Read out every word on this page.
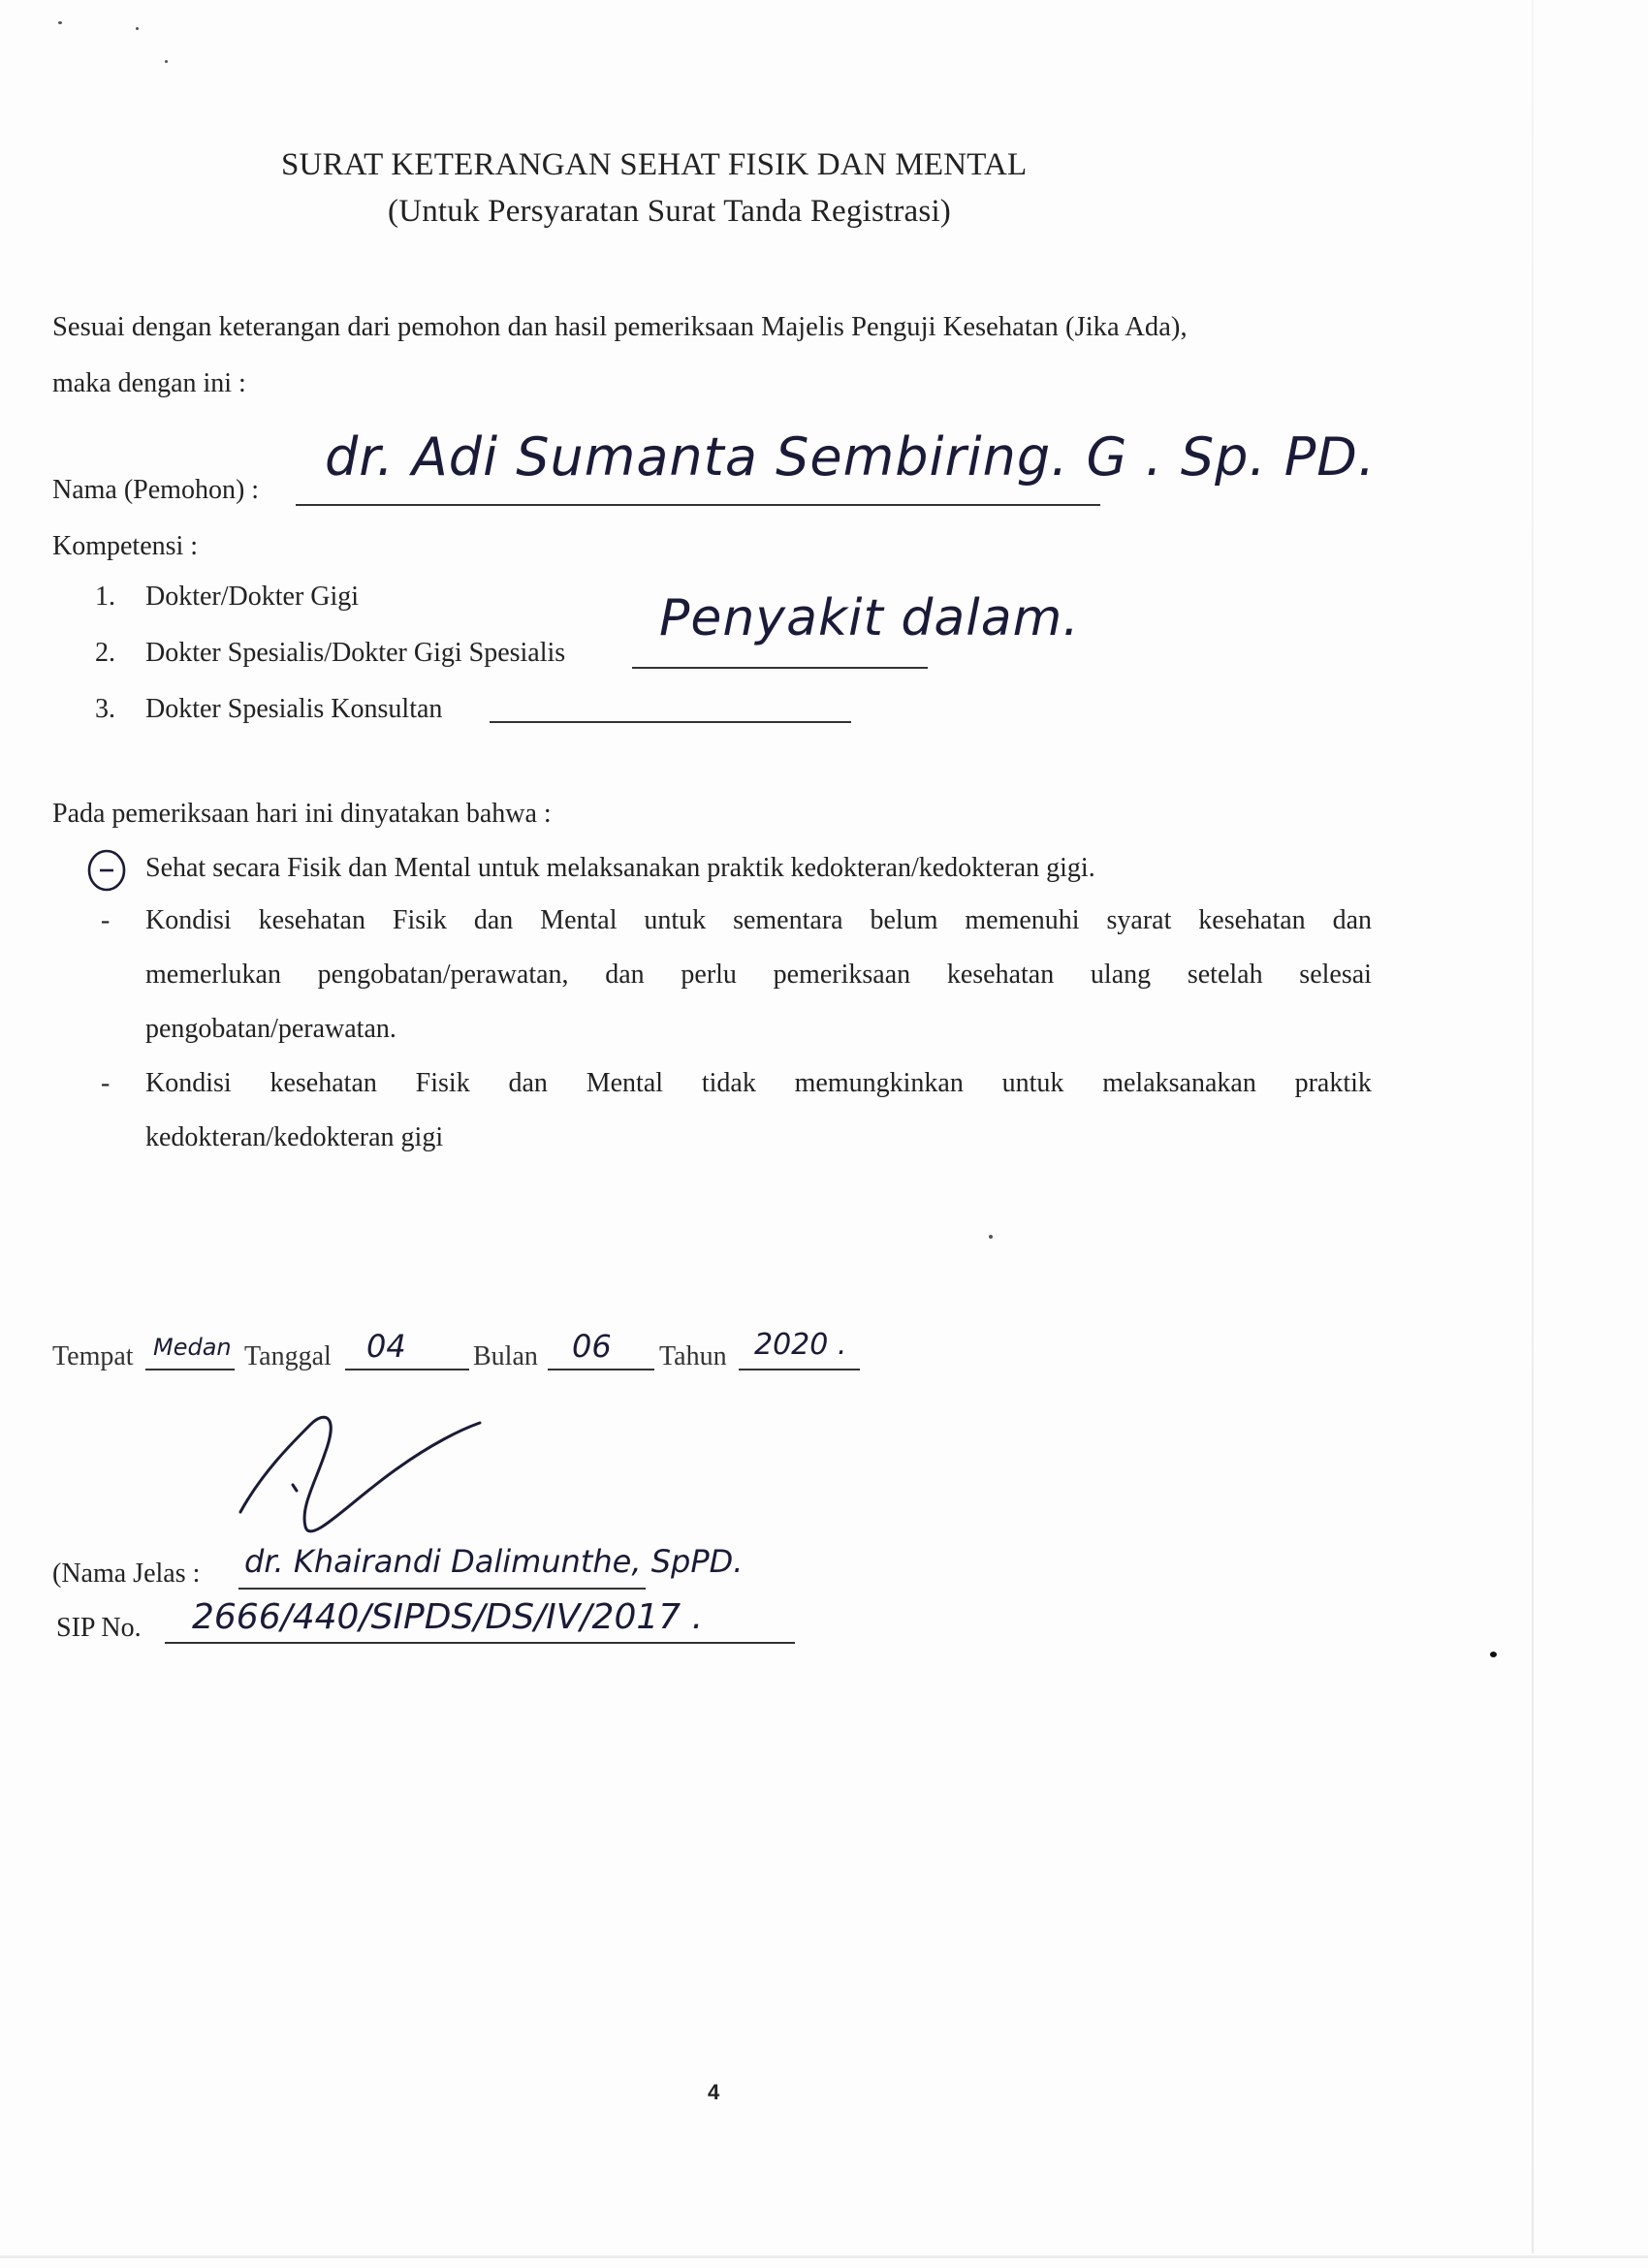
SURAT KETERANGAN SEHAT FISIK DAN MENTAL
(Untuk Persyaratan Surat Tanda Registrasi)
Sesuai dengan keterangan dari pemohon dan hasil pemeriksaan Majelis Penguji Kesehatan (Jika Ada),
maka dengan ini :
Nama (Pemohon) :
dr. Adi Sumanta Sembiring. G . Sp. PD.
Kompetensi :
1. Dokter/Dokter Gigi
2. Dokter Spesialis/Dokter Gigi Spesialis
Penyakit dalam.
3. Dokter Spesialis Konsultan
Pada pemeriksaan hari ini dinyatakan bahwa :
Sehat secara Fisik dan Mental untuk melaksanakan praktik kedokteran/kedokteran gigi.
- Kondisi kesehatan Fisik dan Mental untuk sementara belum memenuhi syarat kesehatan dan
memerlukan pengobatan/perawatan, dan perlu pemeriksaan kesehatan ulang setelah selesai
pengobatan/perawatan.
- Kondisi kesehatan Fisik dan Mental tidak memungkinkan untuk melaksanakan praktik
kedokteran/kedokteran gigi
Tempat Medan Tanggal 04 Bulan 06 Tahun 2020 .
(Nama Jelas : dr. Khairandi Dalimunthe, SpPD.
SIP No. 2666/440/SIPDS/DS/IV/2017 .
4
